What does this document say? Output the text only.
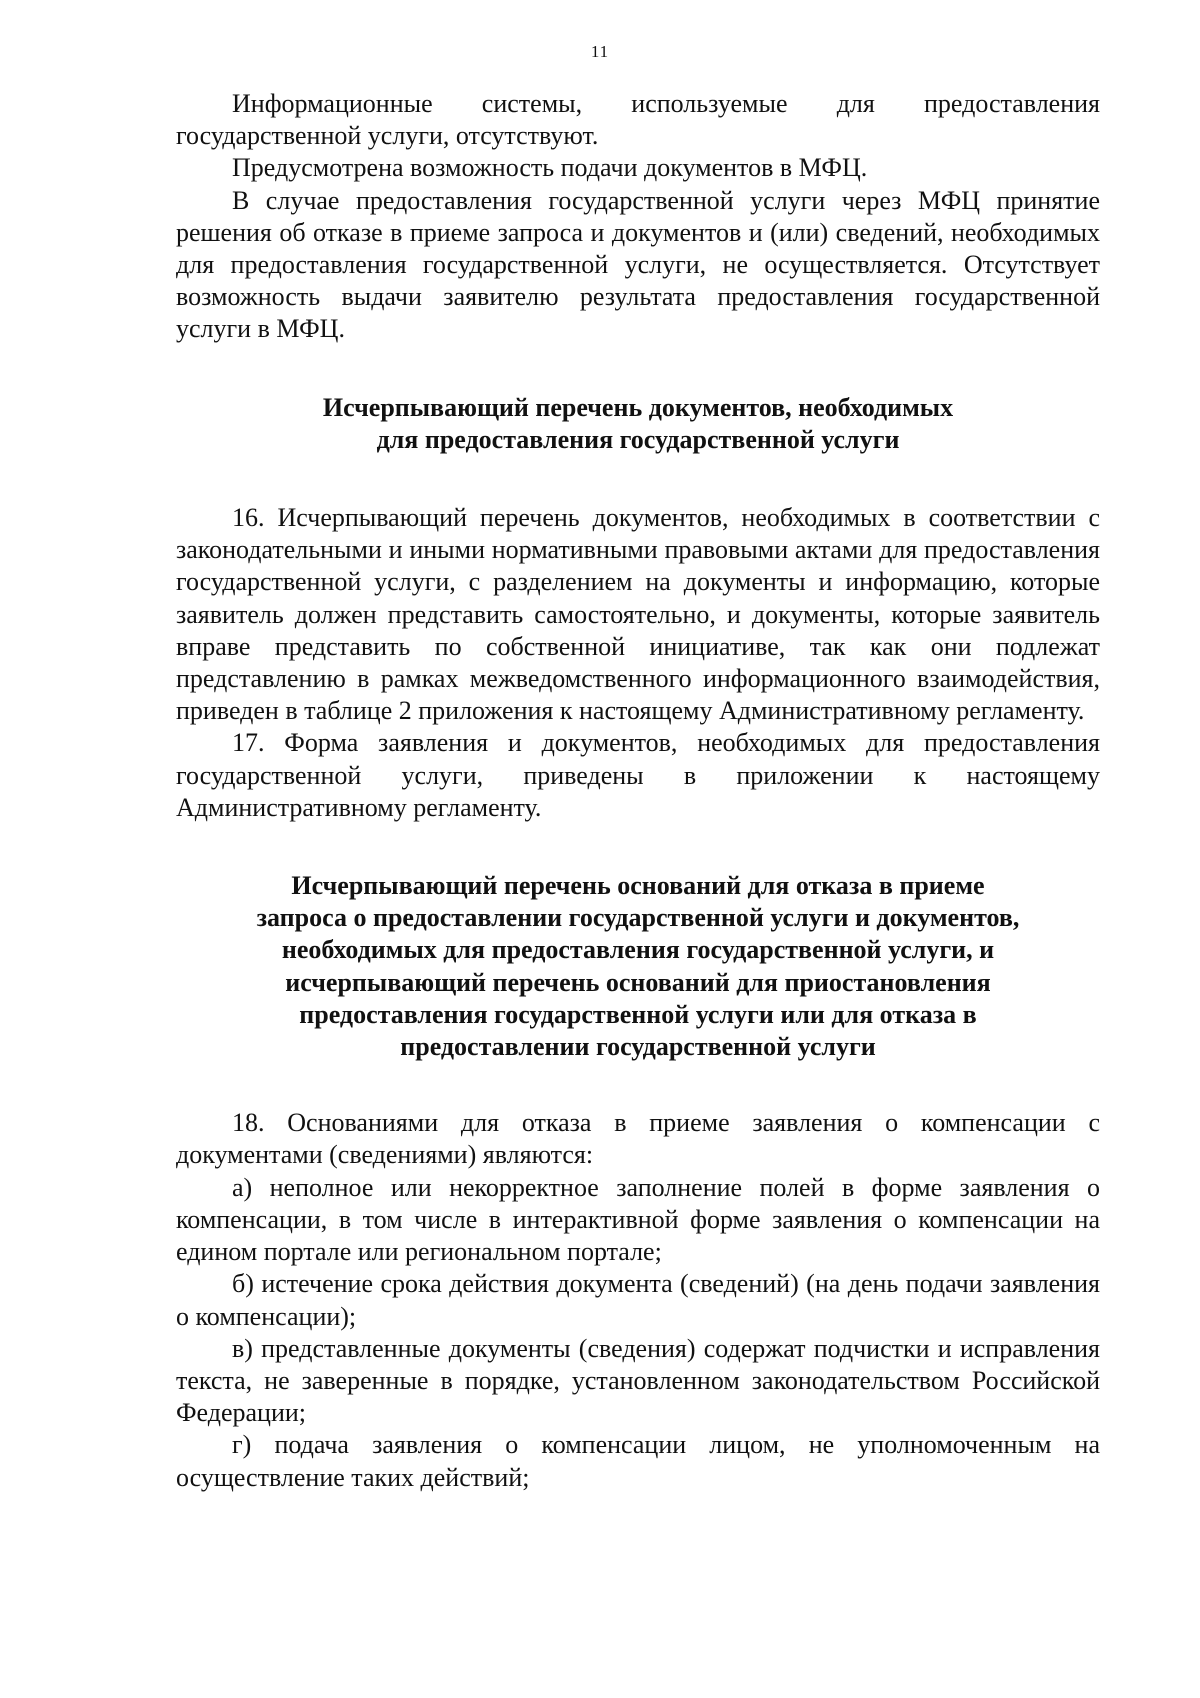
11

Информационные системы, используемые для предоставления государственной услуги, отсутствуют.

Предусмотрена возможность подачи документов в МФЦ.

В случае предоставления государственной услуги через МФЦ принятие решения об отказе в приеме запроса и документов и (или) сведений, необходимых для предоставления государственной услуги, не осуществляется. Отсутствует возможность выдачи заявителю результата предоставления государственной услуги в МФЦ.

Исчерпывающий перечень документов, необходимых
для предоставления государственной услуги

16. Исчерпывающий перечень документов, необходимых в соответствии с законодательными и иными нормативными правовыми актами для предоставления государственной услуги, с разделением на документы и информацию, которые заявитель должен представить самостоятельно, и документы, которые заявитель вправе представить по собственной инициативе, так как они подлежат представлению в рамках межведомственного информационного взаимодействия, приведен в таблице 2 приложения к настоящему Административному регламенту.

17. Форма заявления и документов, необходимых для предоставления государственной услуги, приведены в приложении к настоящему Административному регламенту.

Исчерпывающий перечень оснований для отказа в приеме
запроса о предоставлении государственной услуги и документов,
необходимых для предоставления государственной услуги, и
исчерпывающий перечень оснований для приостановления
предоставления государственной услуги или для отказа в
предоставлении государственной услуги

18. Основаниями для отказа в приеме заявления о компенсации с документами (сведениями) являются:

а) неполное или некорректное заполнение полей в форме заявления о компенсации, в том числе в интерактивной форме заявления о компенсации на едином портале или региональном портале;

б) истечение срока действия документа (сведений) (на день подачи заявления о компенсации);

в) представленные документы (сведения) содержат подчистки и исправления текста, не заверенные в порядке, установленном законодательством Российской Федерации;

г) подача заявления о компенсации лицом, не уполномоченным на осуществление таких действий;
